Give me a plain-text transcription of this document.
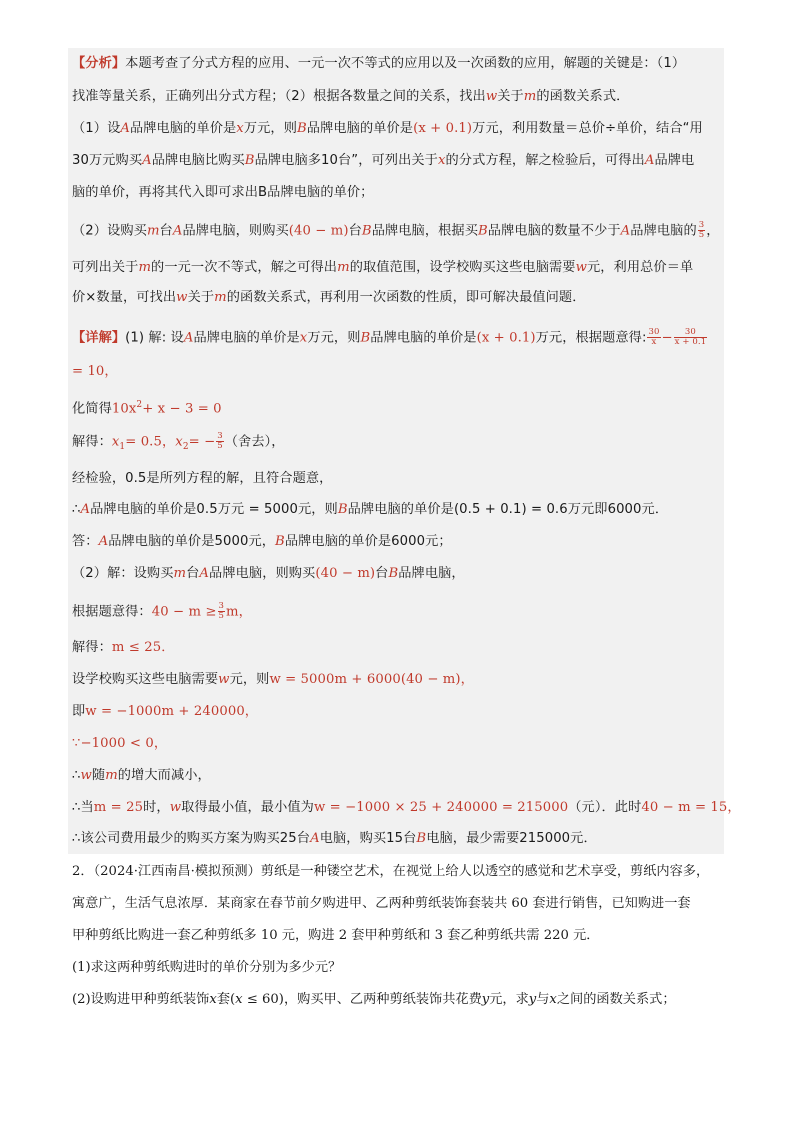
【分析】本题考查了分式方程的应用、一元一次不等式的应用以及一次函数的应用，解题的关键是：（1）
找准等量关系，正确列出分式方程；（2）根据各数量之间的关系，找出w关于m的函数关系式．
（1）设A品牌电脑的单价是x万元，则B品牌电脑的单价是(x + 0.1)万元，利用数量＝总价÷单价，结合“用
30万元购买A品牌电脑比购买B品牌电脑多10台”，可列出关于x的分式方程，解之检验后，可得出A品牌电
脑的单价，再将其代入即可求出B品牌电脑的单价；
（2）设购买m台A品牌电脑，则购买(40 − m)台B品牌电脑，根据买B品牌电脑的数量不少于A品牌电脑的 $\frac{3}{5}$ ，
可列出关于m的一元一次不等式，解之可得出m的取值范围，设学校购买这些电脑需要w元，利用总价＝单
价×数量，可找出w关于m的函数关系式，再利用一次函数的性质，即可解决最值问题．
【详解】(1) 解: 设A品牌电脑的单价是x万元，则B品牌电脑的单价是(x + 0.1)万元，根据题意得: $\frac{30}{x} - \frac{30}{x + 0.1}$
= 10，
化简得$10x^2+ x - 3 = 0$
解得：$x_1= 0.5$，$x_2= - \frac{3}{5}$ （舍去），
经检验，0.5是所列方程的解，且符合题意，
∴A品牌电脑的单价是0.5万元 = 5000元，则B品牌电脑的单价是(0.5 + 0.1) = 0.6万元即6000元．
答：A品牌电脑的单价是5000元，B品牌电脑的单价是6000元；
（2）解：设购买m台A品牌电脑，则购买(40 − m)台B品牌电脑，
根据题意得：$40 - m \ge \frac{3}{5}$ m，
解得：m ≤ 25．
设学校购买这些电脑需要w元，则w = 5000m + 6000(40 − m)，
即w = −1000m + 240000，
∵−1000 < 0，
∴w随m的增大而减小，
∴当m = 25时，w取得最小值，最小值为w = −1000 × 25 + 240000 = 215000（元）．此时40 − m = 15，
∴该公司费用最少的购买方案为购买25台A电脑，购买15台B电脑，最少需要215000元．
2．（2024·江西南昌·模拟预测）剪纸是一种镂空艺术，在视觉上给人以透空的感觉和艺术享受，剪纸内容多，
寓意广，生活气息浓厚．某商家在春节前夕购进甲、乙两种剪纸装饰套装共 60 套进行销售，已知购进一套
甲种剪纸比购进一套乙种剪纸多 10 元，购进 2 套甲种剪纸和 3 套乙种剪纸共需 220 元．
(1)求这两种剪纸购进时的单价分别为多少元？
(2)设购进甲种剪纸装饰x套(x ≤ 60)，购买甲、乙两种剪纸装饰共花费y元，求y与x之间的函数关系式；
